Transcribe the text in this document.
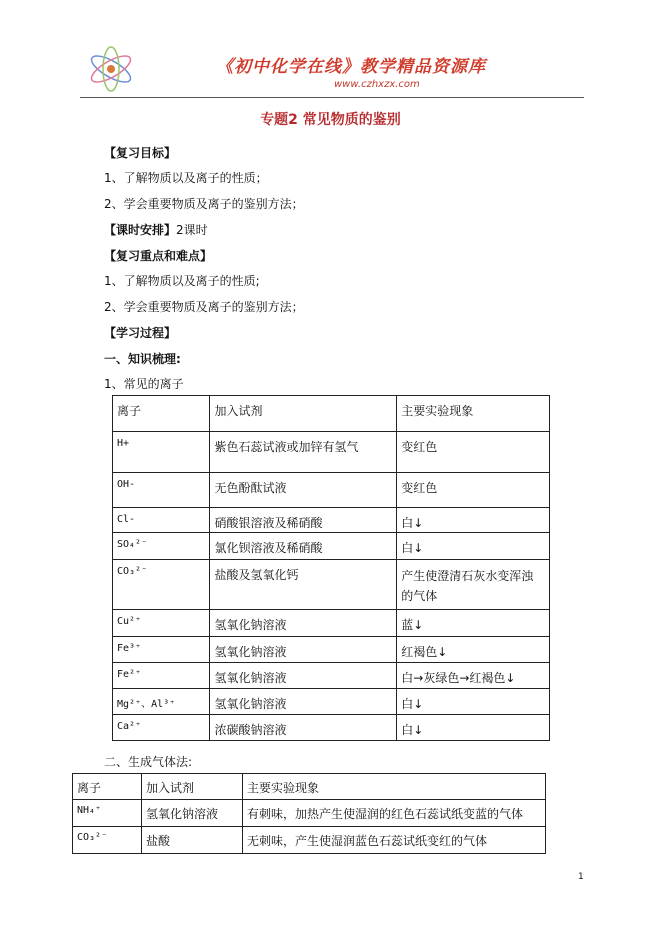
《初中化学在线》教学精品资源库
www.czhxzx.com
专题2 常见物质的鉴别
【复习目标】
1、了解物质以及离子的性质；
2、学会重要物质及离子的鉴别方法；
【课时安排】2课时
【复习重点和难点】
1、了解物质以及离子的性质;
2、学会重要物质及离子的鉴别方法；
【学习过程】
一、知识梳理:
1、常见的离子
离子	加入试剂	主要实验现象
H+	紫色石蕊试液或加锌有氢气	变红色
OH-	无色酚酞试液	变红色
Cl-	硝酸银溶液及稀硝酸	白↓
SO₄²⁻	氯化钡溶液及稀硝酸	白↓
CO₃²⁻	盐酸及氢氧化钙	产生使澄清石灰水变浑浊的气体
Cu²⁺	氢氧化钠溶液	蓝↓
Fe³⁺	氢氧化钠溶液	红褐色↓
Fe²⁺	氢氧化钠溶液	白→灰绿色→红褐色↓
Mg²⁺、Al³⁺	氢氧化钠溶液	白↓
Ca²⁺	浓碳酸钠溶液	白↓
二、生成气体法:
离子	加入试剂	主要实验现象
NH₄⁺	氢氧化钠溶液	有刺味，加热产生使湿润的红色石蕊试纸变蓝的气体
CO₃²⁻	盐酸	无刺味，产生使湿润蓝色石蕊试纸变红的气体
1
